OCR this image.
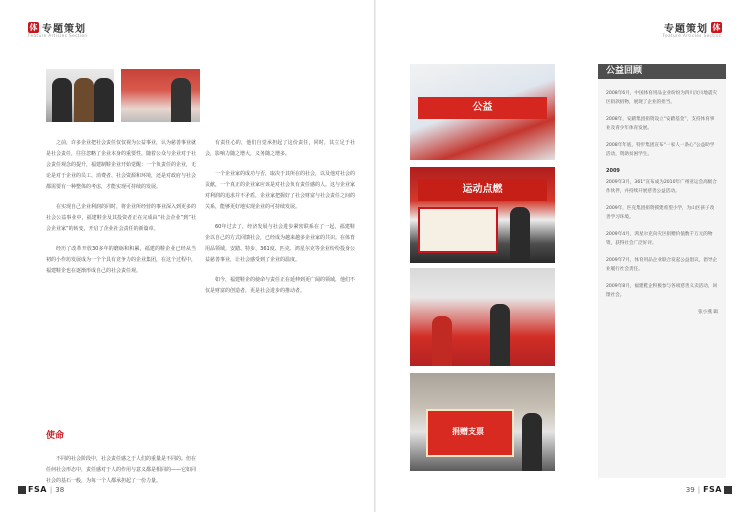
体 专题策划
Feature Articles Section
专题策划 体
Feature Articles Section
公益
运动点燃
捐赠支票

之前，许多企业把社会责任仅仅视为公益事业，认为慈善事业就是社会责任，往往忽略了企业本身的重要性。随着公众与企业对于社会责任观念的提升，福建制鞋企业开始觉醒：一个负责任的企业，无论是对于企业的员工、消费者、社会资源和环境，还是对政府与社会都需要有一种整体的考虑，才能实现可持续的发展。

在实现自己企业利润的同时，将企业所经营的事业深入到更多的社会公益事业中，福建鞋企及其投资者正在完成由“社会企业”到“社会企业家”的转变，开启了企业社会责任的新篇章。

经历了改革开放30多年的磨砺和积累，福建的鞋企业已经从当初的小作坊发展成为一个个具有竞争力的企业集团，在这个过程中，福建鞋企也在逐渐形成自己的社会责任观。

使命

不同的社会阶段中，社会责任感之于人们的重量是不同的。但在任何社会形态中，责任感对于人的作用与意义都是相同的——它如同社会的基石一般，为每一个人都承担起了一份力量。

有责任心的，他们自觉承担起了这份责任，同时，其立足于社会，影响力随之增大，义务随之增多。

一个企业家的成功与否，取决于其所在的社会，以及他对社会的贡献，一个真正的企业家应该是对社会负有责任感的人。这与企业家对利润的追求并不矛盾，企业家把握好了社会财富与社会责任之间的关系，能够更好地实现企业的可持续发展。

60年过去了，经济发展与社会进步紧密联系在了一起，福建鞋企以自己的方式回馈社会，已经成为越来越多企业家的共识。在体育用品领域，安踏、特步、361度、匹克、鸿星尔克等企业纷纷投身公益慈善事业，让社会感受到了企业的温度。

如今，福建鞋企的使命与责任正在延伸到更广阔的领域，他们不仅是财富的创造者，更是社会进步的推动者。

公益回顾

2008年6月，中国体育用品企业纷纷为四川汶川地震灾区捐款捐物，展现了企业的担当。

2008年，安踏集团捐资设立“安踏基金”，支持体育事业及青少年体育发展。

2008年年底，特步集团宣布“一家人一条心”公益助学活动，资助贫困学生。

2009

2009年3月，361°宣布成为2010年广州亚运会高级合作伙伴，并持续开展慈善公益活动。

2009年，匹克集团捐资援建希望小学，为山区孩子改善学习环境。

2009年4月，鸿星尔克向灾区捐赠价值数千万元的物资，获得社会广泛好评。

2009年7月，体育用品企业联合发起公益倡议，倡导企业履行社会责任。

2009年8月，福建鞋企积极参与各项慈善义卖活动，回馈社会。

张小燕 辑
FSA | 38	39 | FSA
